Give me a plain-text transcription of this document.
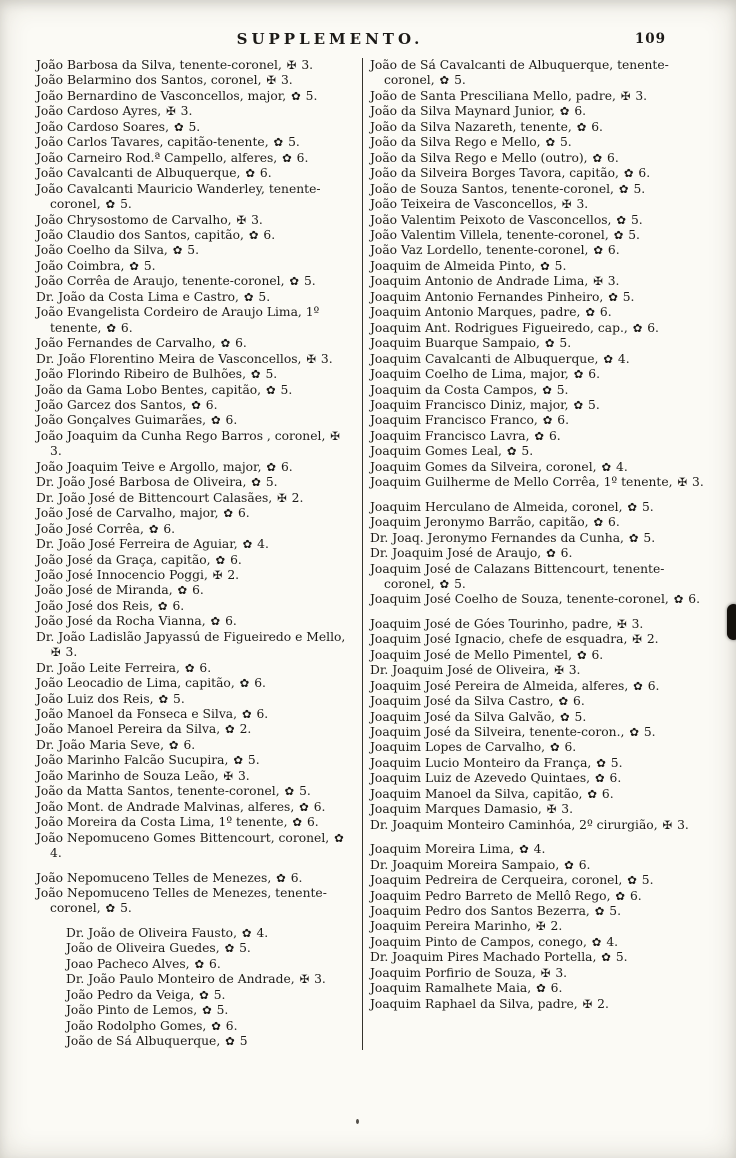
SUPPLEMENTO.	109
João Barbosa da Silva, tenente-coronel, ✠ 3.
João Belarmino dos Santos, coronel, ✠ 3.
João Bernardino de Vasconcellos, major, ✿ 5.
João Cardoso Ayres, ✠ 3.
João Cardoso Soares, ✿ 5.
João Carlos Tavares, capitão-tenente, ✿ 5.
João Carneiro Rod.ª Campello, alferes, ✿ 6.
João Cavalcanti de Albuquerque, ✿ 6.
João Cavalcanti Mauricio Wanderley, tenente-coronel, ✿ 5.
João Chrysostomo de Carvalho, ✠ 3.
João Claudio dos Santos, capitão, ✿ 6.
João Coelho da Silva, ✿ 5.
João Coimbra, ✿ 5.
João Corrêa de Araujo, tenente-coronel, ✿ 5.
Dr. João da Costa Lima e Castro, ✿ 5.
João Evangelista Cordeiro de Araujo Lima, 1º tenente, ✿ 6.
João Fernandes de Carvalho, ✿ 6.
Dr. João Florentino Meira de Vasconcellos, ✠ 3.
João Florindo Ribeiro de Bulhões, ✿ 5.
João da Gama Lobo Bentes, capitão, ✿ 5.
João Garcez dos Santos, ✿ 6.
João Gonçalves Guimarães, ✿ 6.
João Joaquim da Cunha Rego Barros , coronel, ✠ 3.
João Joaquim Teive e Argollo, major, ✿ 6.
Dr. João José Barbosa de Oliveira, ✿ 5.
Dr. João José de Bittencourt Calasães, ✠ 2.
João José de Carvalho, major, ✿ 6.
João José Corrêa, ✿ 6.
Dr. João José Ferreira de Aguiar, ✿ 4.
João José da Graça, capitão, ✿ 6.
João José Innocencio Poggi, ✠ 2.
João José de Miranda, ✿ 6.
João José dos Reis, ✿ 6.
João José da Rocha Vianna, ✿ 6.
Dr. João Ladislão Japyassú de Figueiredo e Mello, ✠ 3.
Dr. João Leite Ferreira, ✿ 6.
João Leocadio de Lima, capitão, ✿ 6.
João Luiz dos Reis, ✿ 5.
João Manoel da Fonseca e Silva, ✿ 6.
João Manoel Pereira da Silva, ✿ 2.
Dr. João Maria Seve, ✿ 6.
João Marinho Falcão Sucupira, ✿ 5.
João Marinho de Souza Leão, ✠ 3.
João da Matta Santos, tenente-coronel, ✿ 5.
João Mont. de Andrade Malvinas, alferes, ✿ 6.
João Moreira da Costa Lima, 1º tenente, ✿ 6.
João Nepomuceno Gomes Bittencourt, coronel, ✿ 4.
João Nepomuceno Telles de Menezes, ✿ 6.
João Nepomuceno Telles de Menezes, tenente-coronel, ✿ 5.
Dr. João de Oliveira Fausto, ✿ 4.
João de Oliveira Guedes, ✿ 5.
Joao Pacheco Alves, ✿ 6.
Dr. João Paulo Monteiro de Andrade, ✠ 3.
João Pedro da Veiga, ✿ 5.
João Pinto de Lemos, ✿ 5.
João Rodolpho Gomes, ✿ 6.
João de Sá Albuquerque, ✿ 5
João de Sá Cavalcanti de Albuquerque, tenente-coronel, ✿ 5.
João de Santa Presciliana Mello, padre, ✠ 3.
João da Silva Maynard Junior, ✿ 6.
João da Silva Nazareth, tenente, ✿ 6.
João da Silva Rego e Mello, ✿ 5.
João da Silva Rego e Mello (outro), ✿ 6.
João da Silveira Borges Tavora, capitão, ✿ 6.
João de Souza Santos, tenente-coronel, ✿ 5.
João Teixeira de Vasconcellos, ✠ 3.
João Valentim Peixoto de Vasconcellos, ✿ 5.
João Valentim Villela, tenente-coronel, ✿ 5.
João Vaz Lordello, tenente-coronel, ✿ 6.
Joaquim de Almeida Pinto, ✿ 5.
Joaquim Antonio de Andrade Lima, ✠ 3.
Joaquim Antonio Fernandes Pinheiro, ✿ 5.
Joaquim Antonio Marques, padre, ✿ 6.
Joaquim Ant. Rodrigues Figueiredo, cap., ✿ 6.
Joaquim Buarque Sampaio, ✿ 5.
Joaquim Cavalcanti de Albuquerque, ✿ 4.
Joaquim Coelho de Lima, major, ✿ 6.
Joaquim da Costa Campos, ✿ 5.
Joaquim Francisco Diniz, major, ✿ 5.
Joaquim Francisco Franco, ✿ 6.
Joaquim Francisco Lavra, ✿ 6.
Joaquim Gomes Leal, ✿ 5.
Joaquim Gomes da Silveira, coronel, ✿ 4.
Joaquim Guilherme de Mello Corrêa, 1º tenente, ✠ 3.
Joaquim Herculano de Almeida, coronel, ✿ 5.
Joaquim Jeronymo Barrão, capitão, ✿ 6.
Dr. Joaq. Jeronymo Fernandes da Cunha, ✿ 5.
Dr. Joaquim José de Araujo, ✿ 6.
Joaquim José de Calazans Bittencourt, tenente-coronel, ✿ 5.
Joaquim José Coelho de Souza, tenente-coronel, ✿ 6.
Joaquim José de Góes Tourinho, padre, ✠ 3.
Joaquim José Ignacio, chefe de esquadra, ✠ 2.
Joaquim José de Mello Pimentel, ✿ 6.
Dr. Joaquim José de Oliveira, ✠ 3.
Joaquim José Pereira de Almeida, alferes, ✿ 6.
Joaquim José da Silva Castro, ✿ 6.
Joaquim José da Silva Galvão, ✿ 5.
Joaquim José da Silveira, tenente-coron., ✿ 5.
Joaquim Lopes de Carvalho, ✿ 6.
Joaquim Lucio Monteiro da França, ✿ 5.
Joaquim Luiz de Azevedo Quintaes, ✿ 6.
Joaquim Manoel da Silva, capitão, ✿ 6.
Joaquim Marques Damasio, ✠ 3.
Dr. Joaquim Monteiro Caminhóa, 2º cirurgião, ✠ 3.
Joaquim Moreira Lima, ✿ 4.
Dr. Joaquim Moreira Sampaio, ✿ 6.
Joaquim Pedreira de Cerqueira, coronel, ✿ 5.
Joaquim Pedro Barreto de Mellô Rego, ✿ 6.
Joaquim Pedro dos Santos Bezerra, ✿ 5.
Joaquim Pereira Marinho, ✠ 2.
Joaquim Pinto de Campos, conego, ✿ 4.
Dr. Joaquim Pires Machado Portella, ✿ 5.
Joaquim Porfirio de Souza, ✠ 3.
Joaquim Ramalhete Maia, ✿ 6.
Joaquim Raphael da Silva, padre, ✠ 2.
